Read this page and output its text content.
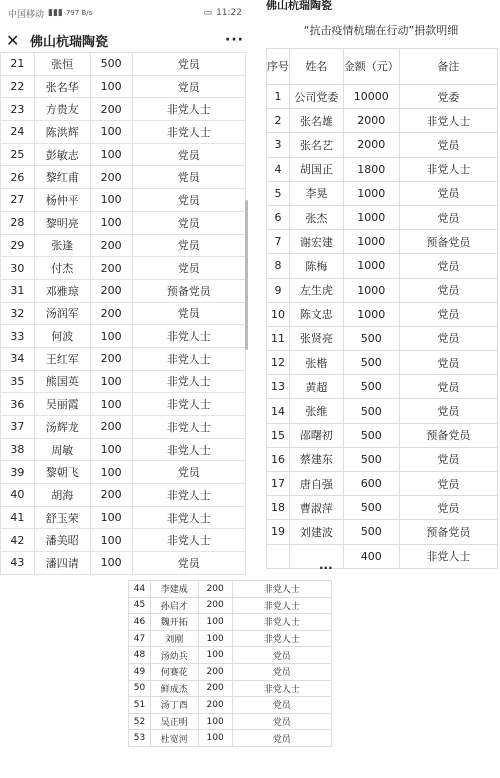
中国移动 ▮▮▮ 797 B/s	▭ 11:22
✕ 佛山杭瑞陶瓷	···
21	张恒	500	党员
22	张名华	100	党员
23	方贵友	200	非党人士
24	陈洪辉	100	非党人士
25	彭敏志	100	党员
26	黎红甫	200	党员
27	杨仲平	100	党员
28	黎明亮	100	党员
29	张逢	200	党员
30	付杰	200	党员
31	邓雅琼	200	预备党员
32	汤润军	200	党员
33	何波	100	非党人士
34	王红军	200	非党人士
35	熊国英	100	非党人士
36	吴丽霞	100	非党人士
37	汤辉龙	200	非党人士
38	周敏	100	非党人士
39	黎朝飞	100	党员
40	胡海	200	非党人士
41	舒玉荣	100	非党人士
42	潘美昭	100	非党人士
43	潘四请	100	党员
佛山杭瑞陶瓷
“抗击疫情杭瑞在行动”捐款明细
序号	姓名	金额（元）	备注
1	公司党委	10000	党委
2	张名雄	2000	非党人士
3	张名艺	2000	党员
4	胡国正	1800	非党人士
5	李晃	1000	党员
6	张杰	1000	党员
7	谢宏建	1000	预备党员
8	陈梅	1000	党员
9	左生虎	1000	党员
10	陈文忠	1000	党员
11	张贤亮	500	党员
12	张楷	500	党员
13	黄超	500	党员
14	张维	500	党员
15	邵曙初	500	预备党员
16	蔡建东	500	党员
17	唐自强	600	党员
18	曹淑萍	500	党员
19	刘建波	500	预备党员
		400	非党人士
...
44	李建成	200	非党人士
45	孙启才	200	非党人士
46	魏开拓	100	非党人士
47	刘刚	100	非党人士
48	汤幼兵	100	党员
49	何赛花	200	党员
50	鲜成杰	200	非党人士
51	汤丁酉	200	党员
52	吴正明	100	党员
53	杜宽河	100	党员
